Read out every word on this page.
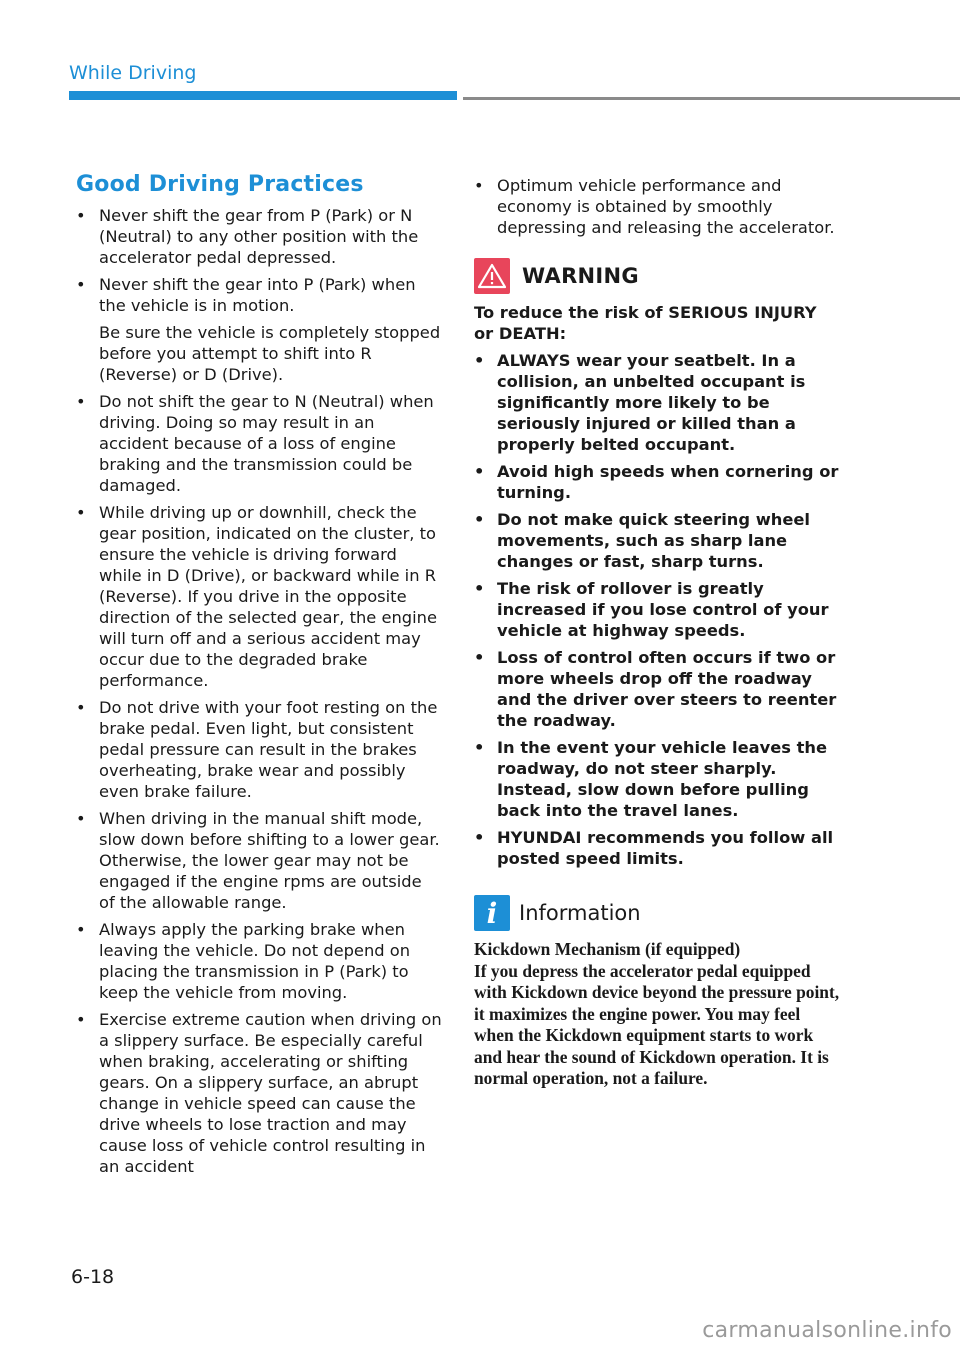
While Driving
Good Driving Practices

• Never shift the gear from P (Park) or N (Neutral) to any other position with the accelerator pedal depressed.

• Never shift the gear into P (Park) when the vehicle is in motion.

Be sure the vehicle is completely stopped before you attempt to shift into R (Reverse) or D (Drive).

• Do not shift the gear to N (Neutral) when driving. Doing so may result in an accident because of a loss of engine braking and the transmission could be damaged.

• While driving up or downhill, check the gear position, indicated on the cluster, to ensure the vehicle is driving forward while in D (Drive), or backward while in R (Reverse). If you drive in the opposite direction of the selected gear, the engine will turn off and a serious accident may occur due to the degraded brake performance.

• Do not drive with your foot resting on the brake pedal. Even light, but consistent pedal pressure can result in the brakes overheating, brake wear and possibly even brake failure.

• When driving in the manual shift mode, slow down before shifting to a lower gear. Otherwise, the lower gear may not be engaged if the engine rpms are outside of the allowable range.

• Always apply the parking brake when leaving the vehicle. Do not depend on placing the transmission in P (Park) to keep the vehicle from moving.

• Exercise extreme caution when driving on a slippery surface. Be especially careful when braking, accelerating or shifting gears. On a slippery surface, an abrupt change in vehicle speed can cause the drive wheels to lose traction and may cause loss of vehicle control resulting in an accident

• Optimum vehicle performance and economy is obtained by smoothly depressing and releasing the accelerator.

WARNING

To reduce the risk of SERIOUS INJURY or DEATH:

• ALWAYS wear your seatbelt. In a collision, an unbelted occupant is significantly more likely to be seriously injured or killed than a properly belted occupant.

• Avoid high speeds when cornering or turning.

• Do not make quick steering wheel movements, such as sharp lane changes or fast, sharp turns.

• The risk of rollover is greatly increased if you lose control of your vehicle at highway speeds.

• Loss of control often occurs if two or more wheels drop off the roadway and the driver over steers to reenter the roadway.

• In the event your vehicle leaves the roadway, do not steer sharply. Instead, slow down before pulling back into the travel lanes.

• HYUNDAI recommends you follow all posted speed limits.

i	Information

Kickdown Mechanism (if equipped)

If you depress the accelerator pedal equipped with Kickdown device beyond the pressure point, it maximizes the engine power. You may feel when the Kickdown equipment starts to work and hear the sound of Kickdown operation. It is normal operation, not a failure.

6-18
carmanualsonline.info
